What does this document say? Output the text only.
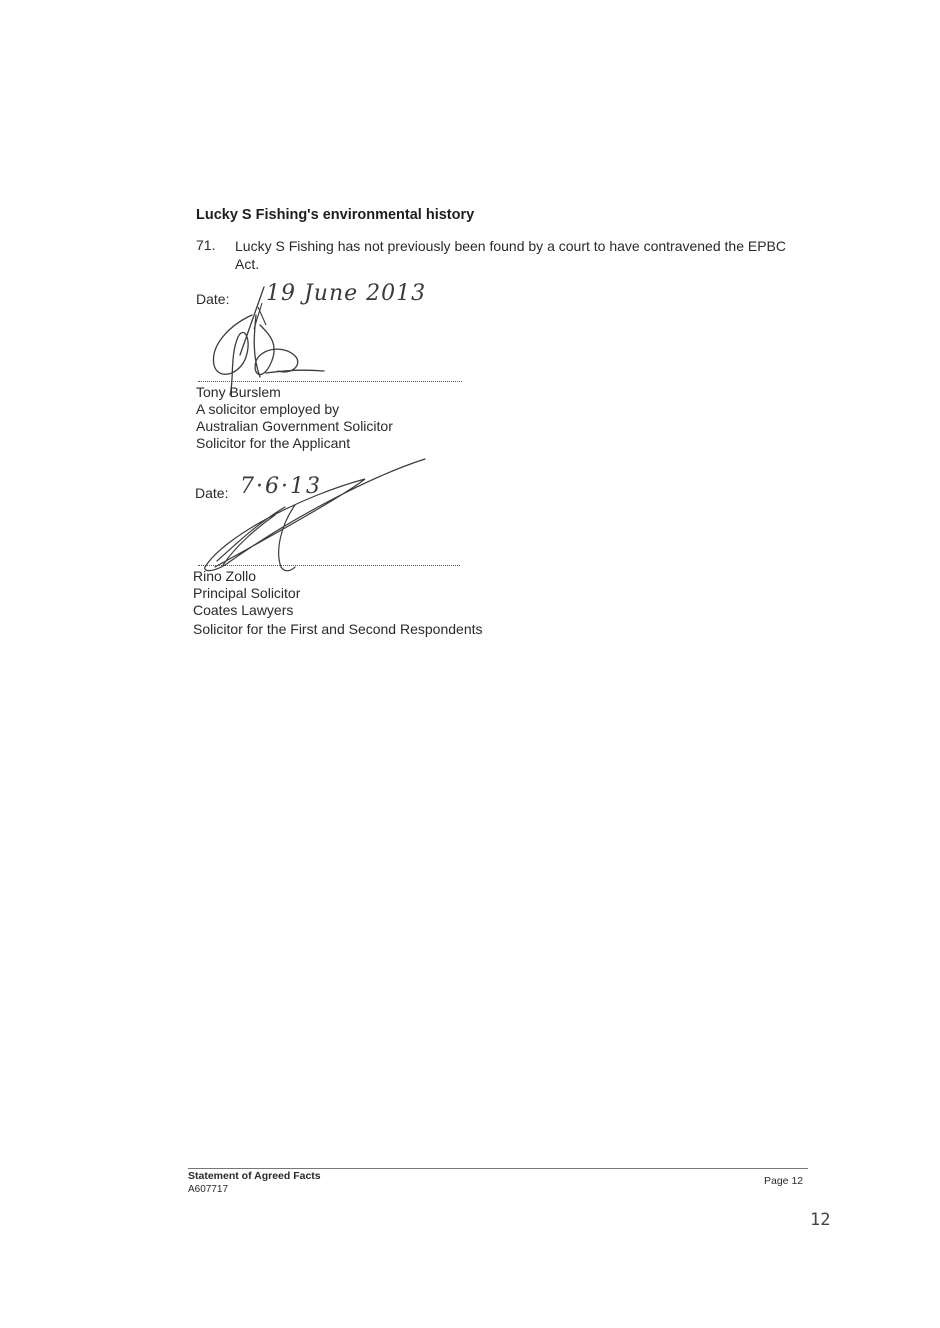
Lucky S Fishing's environmental history
71. Lucky S Fishing has not previously been found by a court to have contravened the EPBC Act.
Date: 19 June 2013
Tony Burslem
A solicitor employed by
Australian Government Solicitor
Solicitor for the Applicant
Date: 7·6·13
Rino Zollo
Principal Solicitor
Coates Lawyers
Solicitor for the First and Second Respondents
Statement of Agreed Facts
A607717
Page 12
12
